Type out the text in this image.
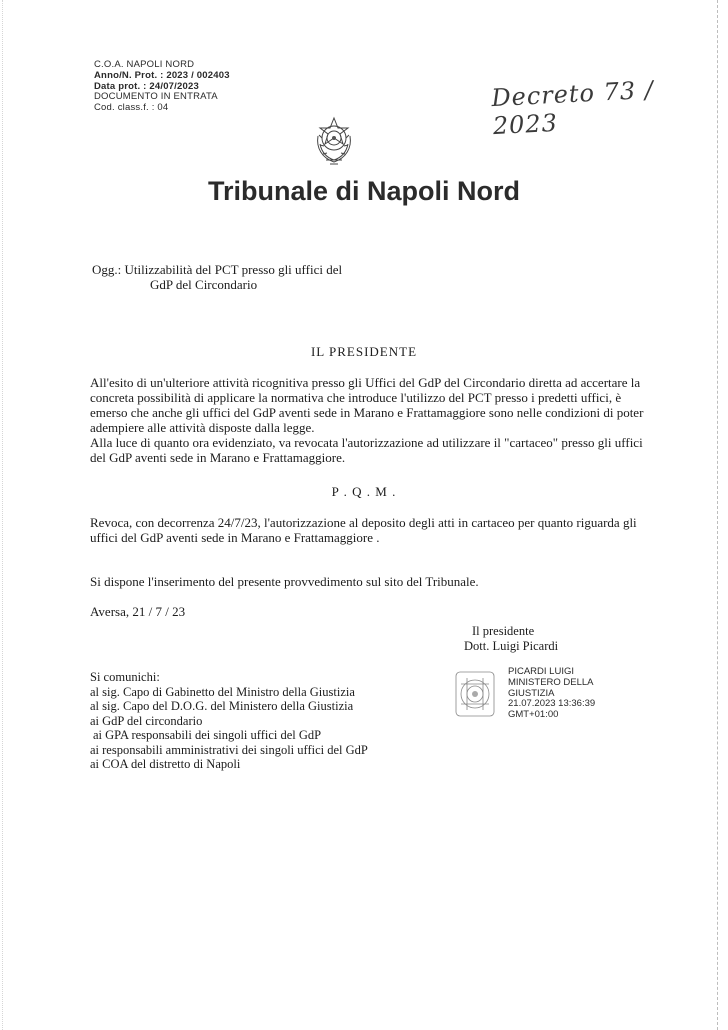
C.O.A. NAPOLI NORD
Anno/N. Prot. : 2023 / 002403
Data prot. : 24/07/2023
DOCUMENTO IN ENTRATA
Cod. class.f. : 04	Decreto 73 / 2023
Tribunale di Napoli Nord
Ogg.: Utilizzabilità del PCT presso gli uffici del
GdP del Circondario
IL PRESIDENTE

All'esito di un'ulteriore attività ricognitiva presso gli Uffici del GdP del Circondario diretta ad accertare la concreta possibilità di applicare la normativa che introduce l'utilizzo del PCT presso i predetti uffici, è emerso che anche gli uffici del GdP aventi sede in Marano e Frattamaggiore sono nelle condizioni di poter adempiere alle attività disposte dalla legge.

Alla luce di quanto ora evidenziato, va revocata l'autorizzazione ad utilizzare il "cartaceo" presso gli uffici del GdP aventi sede in Marano e Frattamaggiore.

P . Q . M .

Revoca, con decorrenza 24/7/23, l'autorizzazione al deposito degli atti in cartaceo per quanto riguarda gli uffici del GdP aventi sede in Marano e Frattamaggiore .

Si dispone l'inserimento del presente provvedimento sul sito del Tribunale.

Aversa, 21 / 7 / 23

Il presidente
Dott. Luigi Picardi
PICARDI LUIGI
MINISTERO DELLA
GIUSTIZIA
21.07.2023 13:36:39
GMT+01:00
Si comunichi:
al sig. Capo di Gabinetto del Ministro della Giustizia
al sig. Capo del D.O.G. del Ministero della Giustizia
ai GdP del circondario
ai GPA responsabili dei singoli uffici del GdP
ai responsabili amministrativi dei singoli uffici del GdP
ai COA del distretto di Napoli
